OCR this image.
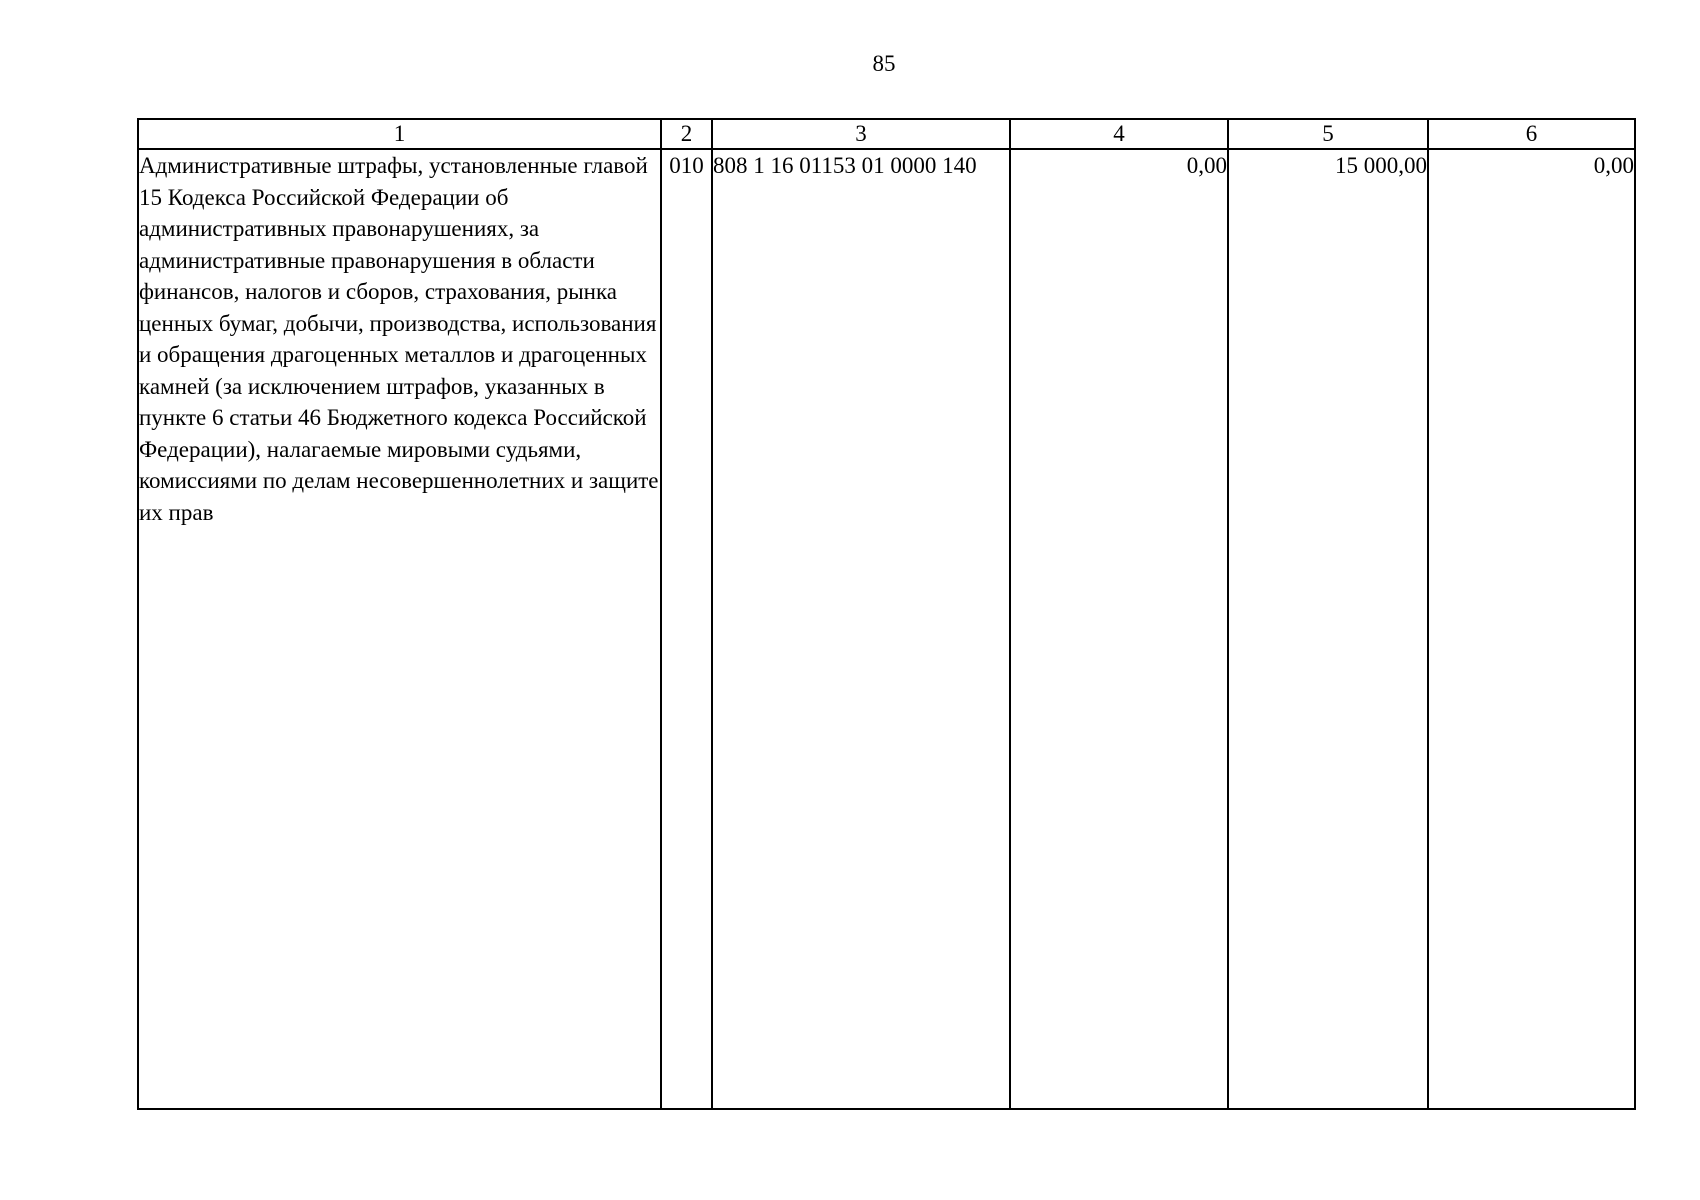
85
1	2	3	4	5	6
Административные штрафы, установленные главой 15 Кодекса Российской Федерации об административных правонарушениях, за административные правонарушения в области финансов, налогов и сборов, страхования, рынка ценных бумаг, добычи, производства, использования и обращения драгоценных металлов и драгоценных камней (за исключением штрафов, указанных в пункте 6 статьи 46 Бюджетного кодекса Российской Федерации), налагаемые мировыми судьями, комиссиями по делам несовершеннолетних и защите их прав	010	808 1 16 01153 01 0000 140	0,00	15 000,00	0,00
